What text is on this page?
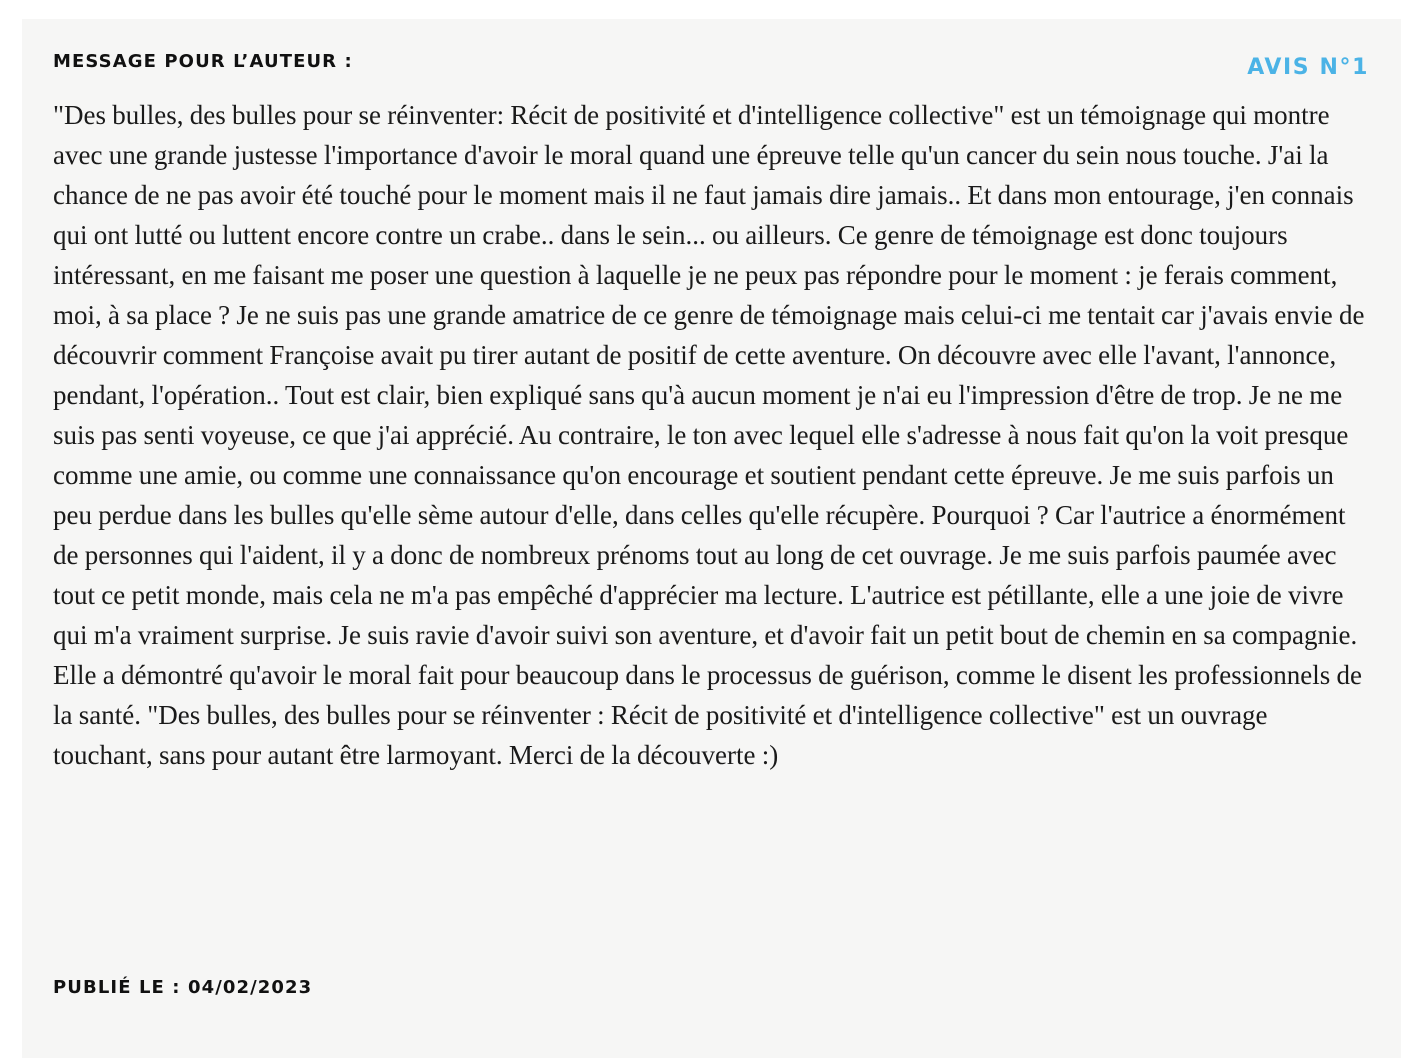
MESSAGE POUR L’AUTEUR :	AVIS N°1

"Des bulles, des bulles pour se réinventer: Récit de positivité et d'intelligence collective" est un témoignage qui montre avec une grande justesse l'importance d'avoir le moral quand une épreuve telle qu'un cancer du sein nous touche. J'ai la chance de ne pas avoir été touché pour le moment mais il ne faut jamais dire jamais.. Et dans mon entourage, j'en connais qui ont lutté ou luttent encore contre un crabe.. dans le sein... ou ailleurs. Ce genre de témoignage est donc toujours intéressant, en me faisant me poser une question à laquelle je ne peux pas répondre pour le moment : je ferais comment, moi, à sa place ? Je ne suis pas une grande amatrice de ce genre de témoignage mais celui-ci me tentait car j'avais envie de découvrir comment Françoise avait pu tirer autant de positif de cette aventure. On découvre avec elle l'avant, l'annonce, pendant, l'opération.. Tout est clair, bien expliqué sans qu'à aucun moment je n'ai eu l'impression d'être de trop. Je ne me suis pas senti voyeuse, ce que j'ai apprécié. Au contraire, le ton avec lequel elle s'adresse à nous fait qu'on la voit presque comme une amie, ou comme une connaissance qu'on encourage et soutient pendant cette épreuve. Je me suis parfois un peu perdue dans les bulles qu'elle sème autour d'elle, dans celles qu'elle récupère. Pourquoi ? Car l'autrice a énormément de personnes qui l'aident, il y a donc de nombreux prénoms tout au long de cet ouvrage. Je me suis parfois paumée avec tout ce petit monde, mais cela ne m'a pas empêché d'apprécier ma lecture. L'autrice est pétillante, elle a une joie de vivre qui m'a vraiment surprise. Je suis ravie d'avoir suivi son aventure, et d'avoir fait un petit bout de chemin en sa compagnie. Elle a démontré qu'avoir le moral fait pour beaucoup dans le processus de guérison, comme le disent les professionnels de la santé. "Des bulles, des bulles pour se réinventer : Récit de positivité et d'intelligence collective" est un ouvrage touchant, sans pour autant être larmoyant. Merci de la découverte :)

PUBLIÉ LE : 04/02/2023
